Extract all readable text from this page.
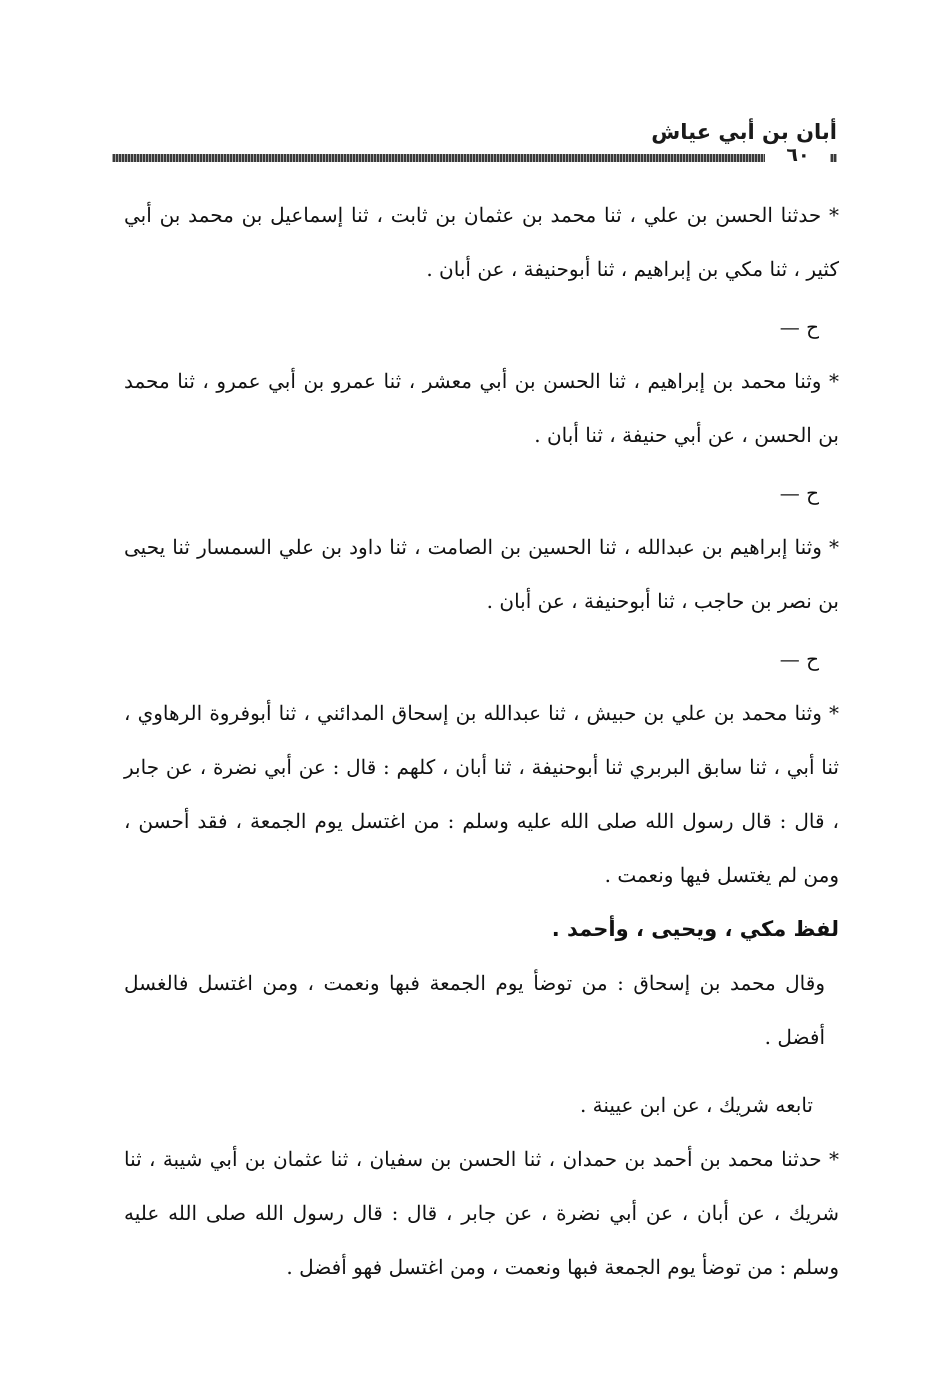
أبان بن أبي عياش
٦٠

* حدثنا الحسن بن علي ، ثنا محمد بن عثمان بن ثابت ، ثنا إسماعيل بن محمد بن أبي كثير ، ثنا مكي بن إبراهيم ، ثنا أبوحنيفة ، عن أبان .

ح —

* وثنا محمد بن إبراهيم ، ثنا الحسن بن أبي معشر ، ثنا عمرو بن أبي عمرو ، ثنا محمد بن الحسن ، عن أبي حنيفة ، ثنا أبان .

ح —

* وثنا إبراهيم بن عبدالله ، ثنا الحسين بن الصامت ، ثنا داود بن علي السمسار ثنا يحيى بن نصر بن حاجب ، ثنا أبوحنيفة ، عن أبان .

ح —

* وثنا محمد بن علي بن حبيش ، ثنا عبدالله بن إسحاق المدائني ، ثنا أبوفروة الرهاوي ، ثنا أبي ، ثنا سابق البربري ثنا أبوحنيفة ، ثنا أبان ، كلهم : قال : عن أبي نضرة ، عن جابر ، قال : قال رسول الله صلى الله عليه وسلم : من اغتسل يوم الجمعة ، فقد أحسن ، ومن لم يغتسل فيها ونعمت .

لفظ مكي ، ويحيى ، وأحمد .

وقال محمد بن إسحاق : من توضأ يوم الجمعة فبها ونعمت ، ومن اغتسل فالغسل أفضل .

تابعه شريك ، عن ابن عيينة .

* حدثنا محمد بن أحمد بن حمدان ، ثنا الحسن بن سفيان ، ثنا عثمان بن أبي شيبة ، ثنا شريك ، عن أبان ، عن أبي نضرة ، عن جابر ، قال : قال رسول الله صلى الله عليه وسلم : من توضأ يوم الجمعة فبها ونعمت ، ومن اغتسل فهو أفضل .
